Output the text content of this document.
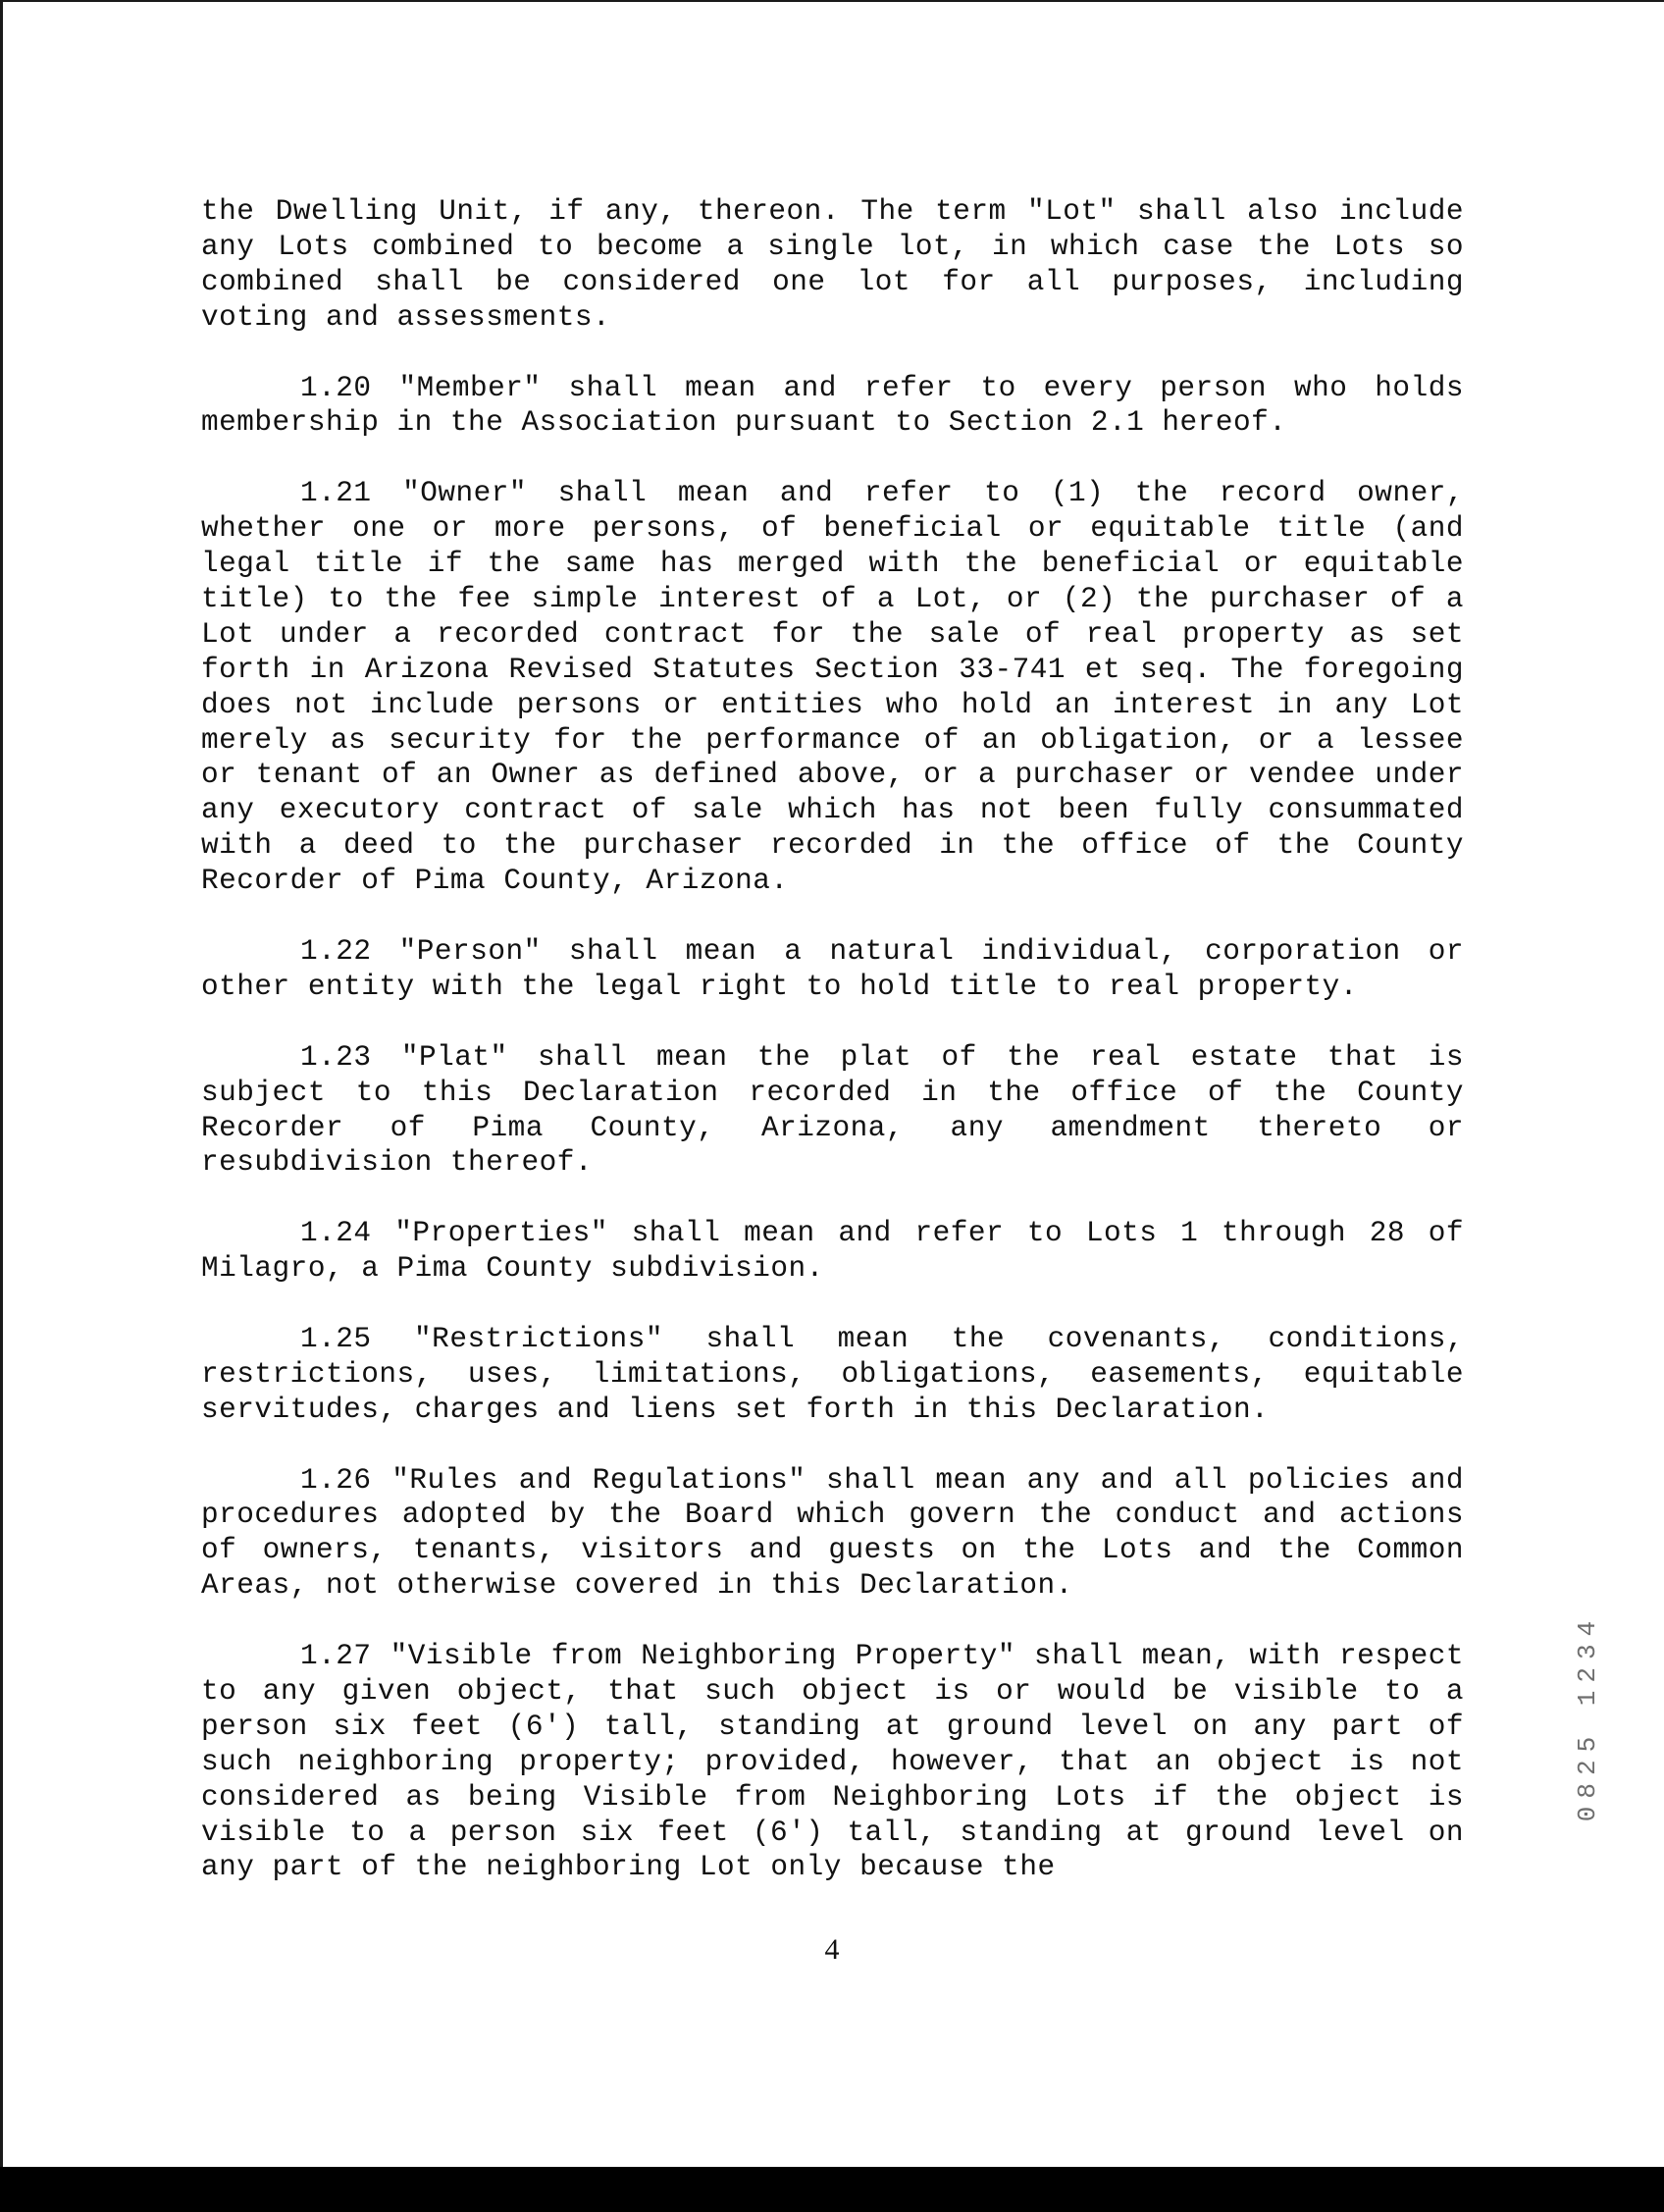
the Dwelling Unit, if any, thereon. The term "Lot" shall also include any Lots combined to become a single lot, in which case the Lots so combined shall be considered one lot for all purposes, including voting and assessments.

1.20 "Member" shall mean and refer to every person who holds membership in the Association pursuant to Section 2.1 hereof.

1.21 "Owner" shall mean and refer to (1) the record owner, whether one or more persons, of beneficial or equitable title (and legal title if the same has merged with the beneficial or equitable title) to the fee simple interest of a Lot, or (2) the purchaser of a Lot under a recorded contract for the sale of real property as set forth in Arizona Revised Statutes Section 33-741 et seq. The foregoing does not include persons or entities who hold an interest in any Lot merely as security for the performance of an obligation, or a lessee or tenant of an Owner as defined above, or a purchaser or vendee under any executory contract of sale which has not been fully consummated with a deed to the purchaser recorded in the office of the County Recorder of Pima County, Arizona.

1.22 "Person" shall mean a natural individual, corporation or other entity with the legal right to hold title to real property.

1.23 "Plat" shall mean the plat of the real estate that is subject to this Declaration recorded in the office of the County Recorder of Pima County, Arizona, any amendment thereto or resubdivision thereof.

1.24 "Properties" shall mean and refer to Lots 1 through 28 of Milagro, a Pima County subdivision.

1.25 "Restrictions" shall mean the covenants, conditions, restrictions, uses, limitations, obligations, easements, equitable servitudes, charges and liens set forth in this Declaration.

1.26 "Rules and Regulations" shall mean any and all policies and procedures adopted by the Board which govern the conduct and actions of owners, tenants, visitors and guests on the Lots and the Common Areas, not otherwise covered in this Declaration.

1.27 "Visible from Neighboring Property" shall mean, with respect to any given object, that such object is or would be visible to a person six feet (6') tall, standing at ground level on any part of such neighboring property; provided, however, that an object is not considered as being Visible from Neighboring Lots if the object is visible to a person six feet (6') tall, standing at ground level on any part of the neighboring Lot only because the

4
0825 1234
